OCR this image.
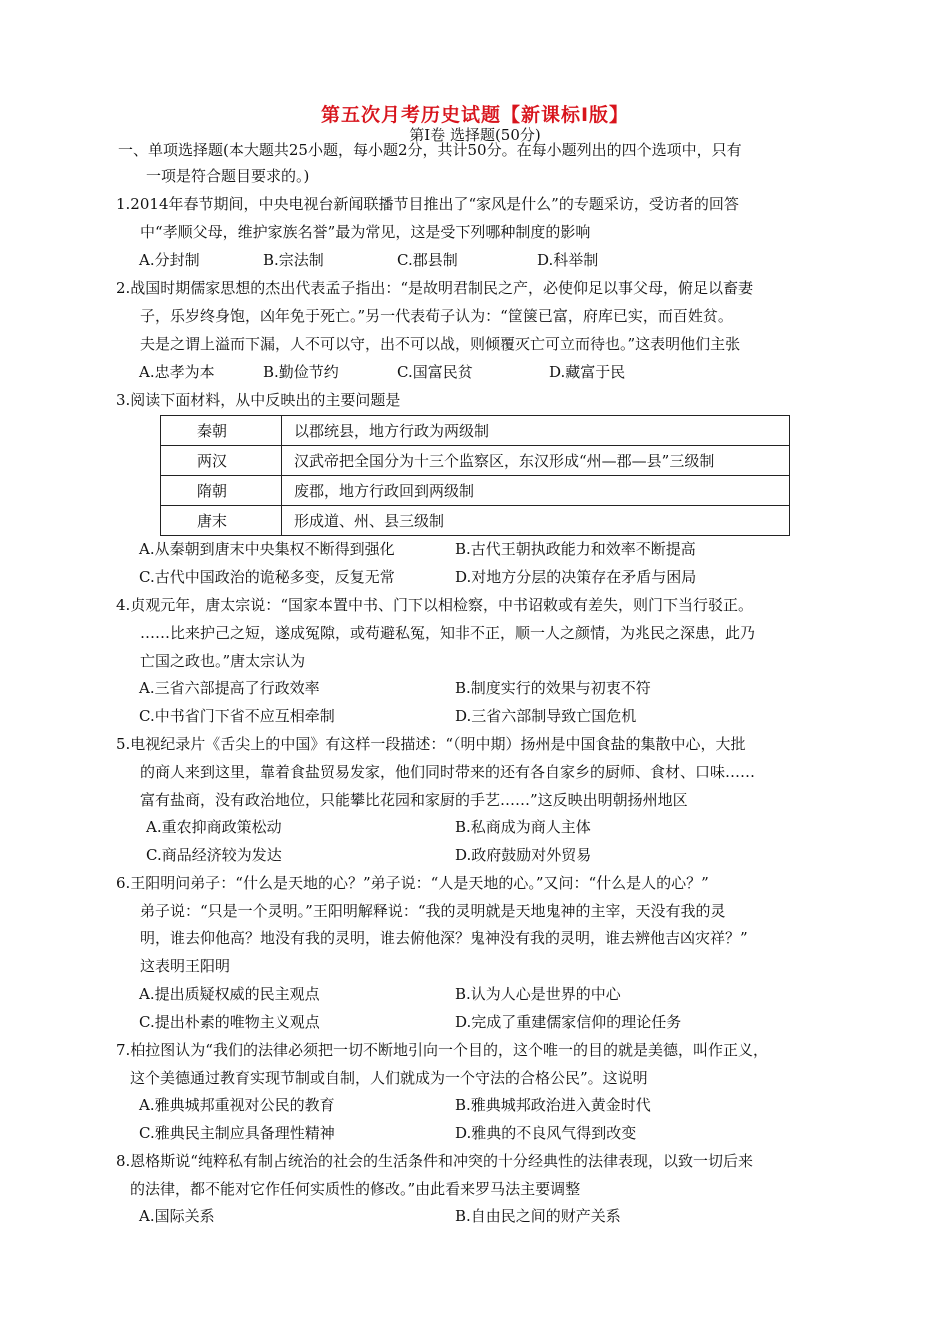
第五次月考历史试题【新课标Ⅰ版】
第Ⅰ卷 选择题(50分)
一、单项选择题(本大题共25小题，每小题2分，共计50分。在每小题列出的四个选项中，只有
一项是符合题目要求的。)
1.2014年春节期间，中央电视台新闻联播节目推出了“家风是什么”的专题采访，受访者的回答
中“孝顺父母，维护家族名誉”最为常见，这是受下列哪种制度的影响
A.分封制	B.宗法制	C.郡县制	D.科举制
2.战国时期儒家思想的杰出代表孟子指出：“是故明君制民之产，必使仰足以事父母，俯足以畜妻
子，乐岁终身饱，凶年免于死亡。”另一代表荀子认为：“筐箧已富，府库已实，而百姓贫。
夫是之谓上溢而下漏，人不可以守，出不可以战，则倾覆灭亡可立而待也。”这表明他们主张
A.忠孝为本	B.勤俭节约	C.国富民贫	D.藏富于民
3.阅读下面材料，从中反映出的主要问题是
秦朝	以郡统县，地方行政为两级制
两汉	汉武帝把全国分为十三个监察区，东汉形成“州—郡—县”三级制
隋朝	废郡，地方行政回到两级制
唐末	形成道、州、县三级制
A.从秦朝到唐末中央集权不断得到强化	B.古代王朝执政能力和效率不断提高
C.古代中国政治的诡秘多变，反复无常	D.对地方分层的决策存在矛盾与困局
4.贞观元年，唐太宗说：“国家本置中书、门下以相检察，中书诏敕或有差失，则门下当行驳正。
……比来护己之短，遂成冤隙，或苟避私冤，知非不正，顺一人之颜情，为兆民之深患，此乃
亡国之政也。”唐太宗认为
A.三省六部提高了行政效率	B.制度实行的效果与初衷不符
C.中书省门下省不应互相牵制	D.三省六部制导致亡国危机
5.电视纪录片《舌尖上的中国》有这样一段描述：“（明中期）扬州是中国食盐的集散中心，大批
的商人来到这里，靠着食盐贸易发家，他们同时带来的还有各自家乡的厨师、食材、口味……
富有盐商，没有政治地位，只能攀比花园和家厨的手艺……”这反映出明朝扬州地区
A.重农抑商政策松动	B.私商成为商人主体
C.商品经济较为发达	D.政府鼓励对外贸易
6.王阳明问弟子：“什么是天地的心？”弟子说：“人是天地的心。”又问：“什么是人的心？”
弟子说：“只是一个灵明。”王阳明解释说：“我的灵明就是天地鬼神的主宰，天没有我的灵
明，谁去仰他高？地没有我的灵明，谁去俯他深？鬼神没有我的灵明，谁去辨他吉凶灾祥？”
这表明王阳明
A.提出质疑权威的民主观点	B.认为人心是世界的中心
C.提出朴素的唯物主义观点	D.完成了重建儒家信仰的理论任务
7.柏拉图认为“我们的法律必须把一切不断地引向一个目的，这个唯一的目的就是美德，叫作正义，
这个美德通过教育实现节制或自制，人们就成为一个守法的合格公民”。这说明
A.雅典城邦重视对公民的教育	B.雅典城邦政治进入黄金时代
C.雅典民主制应具备理性精神	D.雅典的不良风气得到改变
8.恩格斯说“纯粹私有制占统治的社会的生活条件和冲突的十分经典性的法律表现，以致一切后来
的法律，都不能对它作任何实质性的修改。”由此看来罗马法主要调整
A.国际关系	B.自由民之间的财产关系
